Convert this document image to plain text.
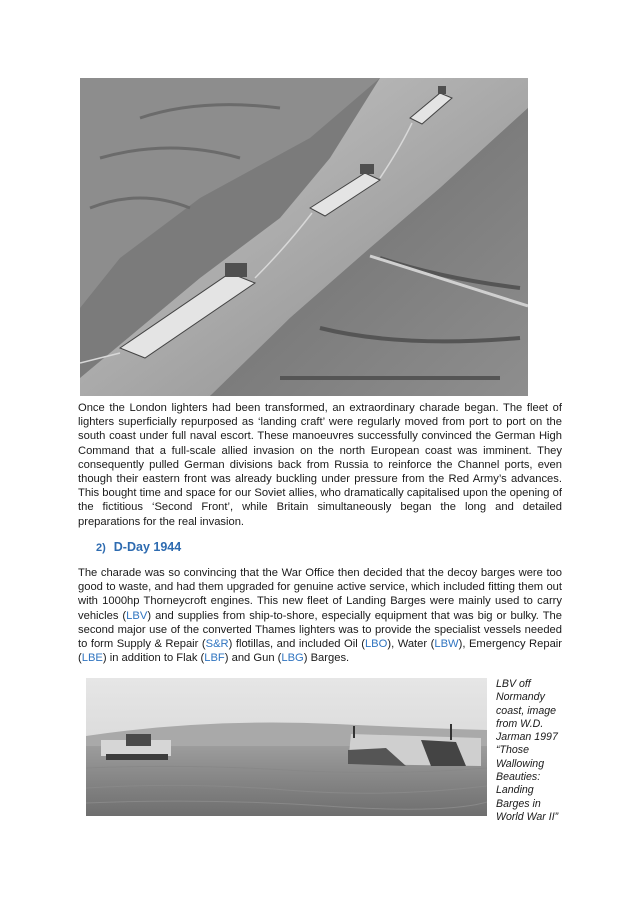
Once the London lighters had been transformed, an extraordinary charade began. The fleet of lighters superficially repurposed as ‘landing craft’ were regularly moved from port to port on the south coast under full naval escort. These manoeuvres successfully convinced the German High Command that a full-scale allied invasion on the north European coast was imminent. They consequently pulled German divisions back from Russia to reinforce the Channel ports, even though their eastern front was already buckling under pressure from the Red Army’s advances. This bought time and space for our Soviet allies, who dramatically capitalised upon the opening of the fictitious ‘Second Front’, while Britain simultaneously began the long and detailed preparations for the real invasion.

2) D-Day 1944

The charade was so convincing that the War Office then decided that the decoy barges were too good to waste, and had them upgraded for genuine active service, which included fitting them out with 1000hp Thorneycroft engines. This new fleet of Landing Barges were mainly used to carry vehicles (LBV) and supplies from ship-to-shore, especially equipment that was big or bulky. The second major use of the converted Thames lighters was to provide the specialist vessels needed to form Supply & Repair (S&R) flotillas, and included Oil (LBO), Water (LBW), Emergency Repair (LBE) in addition to Flak (LBF) and Gun (LBG) Barges.

LBV off
Normandy
coast, image
from W.D.
Jarman 1997
“Those
Wallowing
Beauties:
Landing
Barges in
World War II”
